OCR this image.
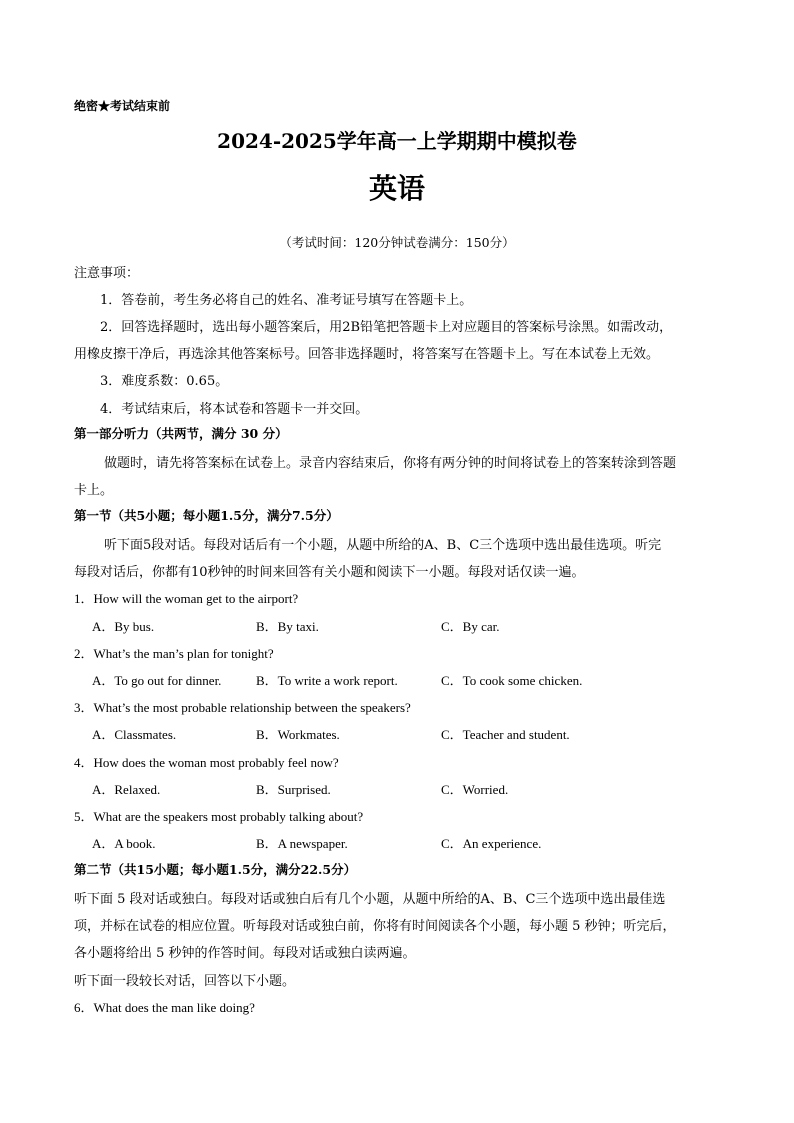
绝密★考试结束前
2024-2025学年高一上学期期中模拟卷
英语
（考试时间：120分钟试卷满分：150分）
注意事项：
1．答卷前，考生务必将自己的姓名、准考证号填写在答题卡上。
2．回答选择题时，选出每小题答案后，用2B铅笔把答题卡上对应题目的答案标号涂黑。如需改动，
用橡皮擦干净后，再选涂其他答案标号。回答非选择题时，将答案写在答题卡上。写在本试卷上无效。
3．难度系数：0.65。
4．考试结束后，将本试卷和答题卡一并交回。
第一部分听力（共两节，满分 30 分）
做题时，请先将答案标在试卷上。录音内容结束后，你将有两分钟的时间将试卷上的答案转涂到答题
卡上。
第一节（共5小题；每小题1.5分，满分7.5分）
听下面5段对话。每段对话后有一个小题，从题中所给的A、B、C三个选项中选出最佳选项。听完
每段对话后，你都有10秒钟的时间来回答有关小题和阅读下一小题。每段对话仅读一遍。
1．How will the woman get to the airport?
A．By bus.	B．By taxi.	C．By car.
2．What’s the man’s plan for tonight?
A．To go out for dinner.	B．To write a work report.	C．To cook some chicken.
3．What’s the most probable relationship between the speakers?
A．Classmates.	B．Workmates.	C．Teacher and student.
4．How does the woman most probably feel now?
A．Relaxed.	B．Surprised.	C．Worried.
5．What are the speakers most probably talking about?
A．A book.	B．A newspaper.	C．An experience.
第二节（共15小题；每小题1.5分，满分22.5分）
听下面 5 段对话或独白。每段对话或独白后有几个小题，从题中所给的A、B、C三个选项中选出最佳选
项，并标在试卷的相应位置。听每段对话或独白前，你将有时间阅读各个小题，每小题 5 秒钟；听完后，
各小题将给出 5 秒钟的作答时间。每段对话或独白读两遍。
听下面一段较长对话，回答以下小题。
6．What does the man like doing?
